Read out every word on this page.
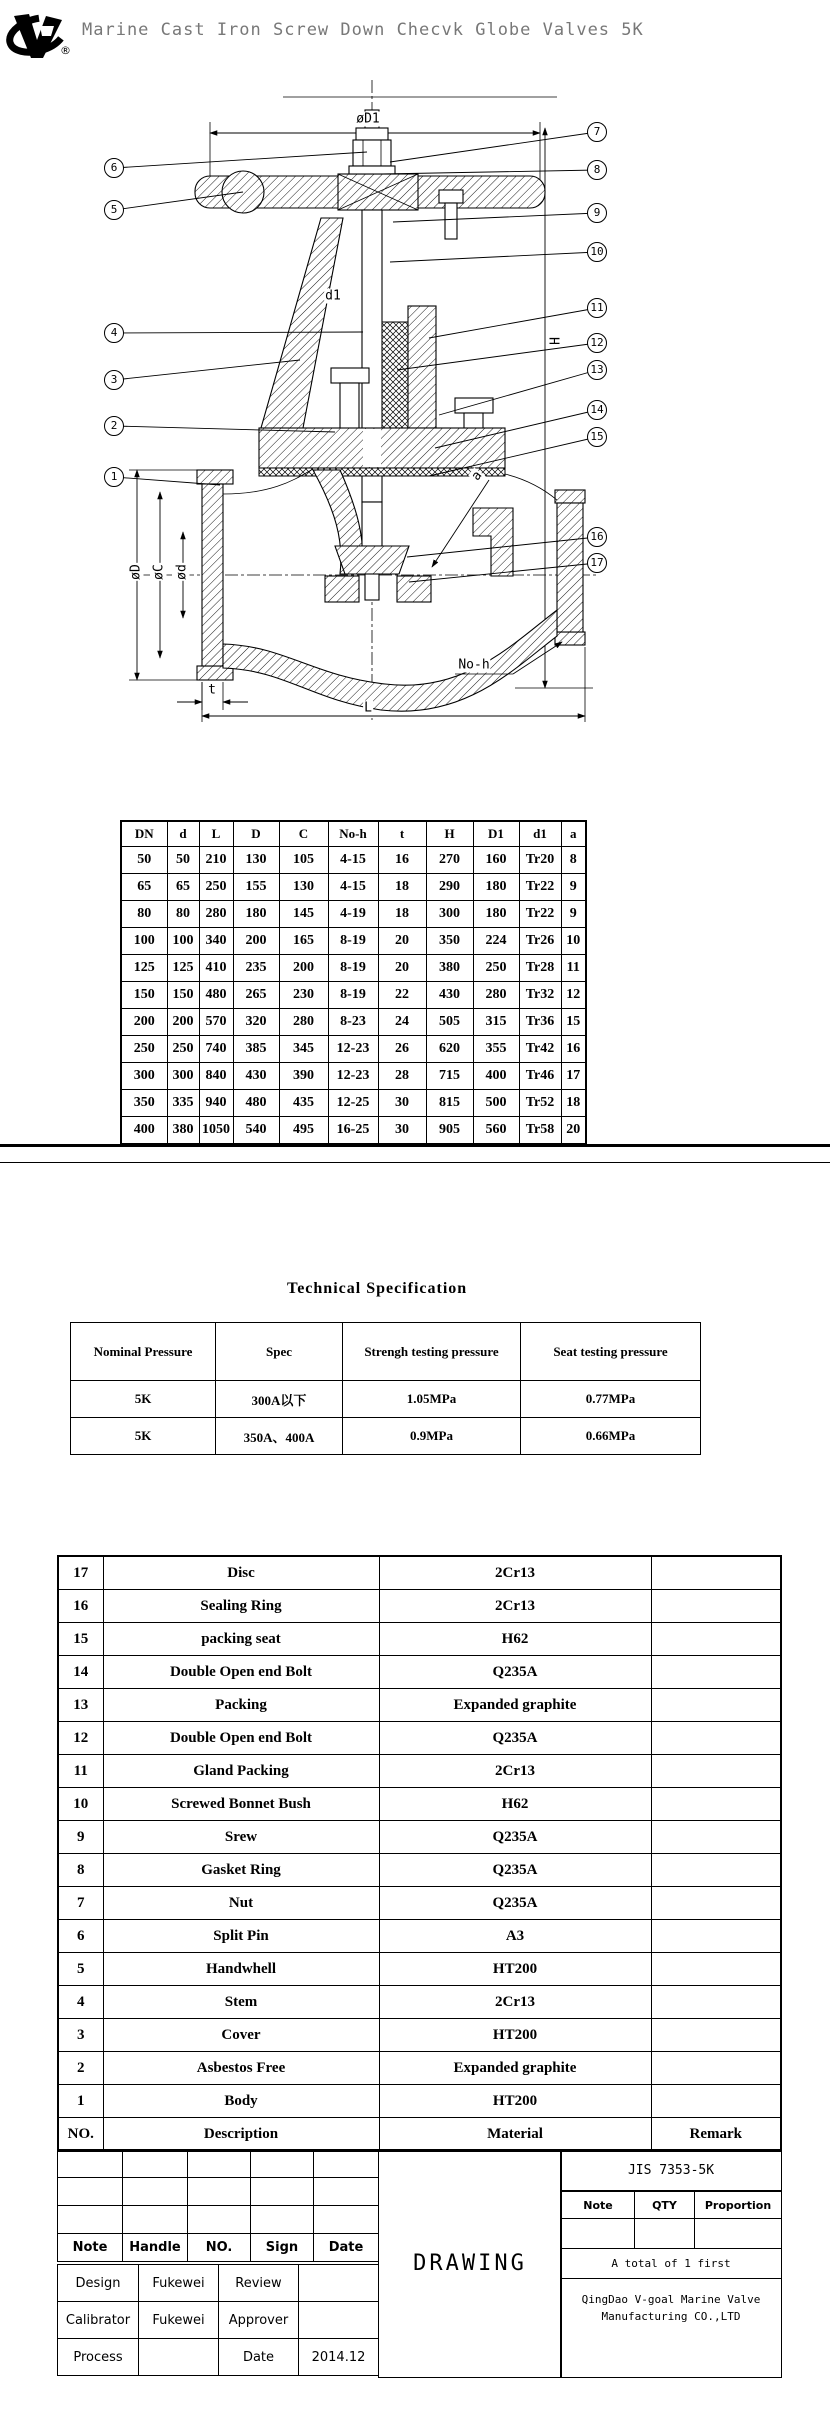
®
Marine Cast Iron Screw Down Checvk Globe Valves 5K
øD1
d1
H
a
øD øC ød
t
No-h
L
1
2
3
4
5
6
7
8
9
10
11
12
13
14
15
16
17
DN	d	L	D	C	No-h	t	H	D1	d1	a
50	50	210	130	105	4-15	16	270	160	Tr20	8
65	65	250	155	130	4-15	18	290	180	Tr22	9
80	80	280	180	145	4-19	18	300	180	Tr22	9
100	100	340	200	165	8-19	20	350	224	Tr26	10
125	125	410	235	200	8-19	20	380	250	Tr28	11
150	150	480	265	230	8-19	22	430	280	Tr32	12
200	200	570	320	280	8-23	24	505	315	Tr36	15
250	250	740	385	345	12-23	26	620	355	Tr42	16
300	300	840	430	390	12-23	28	715	400	Tr46	17
350	335	940	480	435	12-25	30	815	500	Tr52	18
400	380	1050	540	495	16-25	30	905	560	Tr58	20
Technical Specification
Nominal Pressure	Spec	Strengh testing pressure	Seat testing pressure
5K	300A以下	1.05MPa	0.77MPa
5K	350A、400A	0.9MPa	0.66MPa
17	Disc	2Cr13	
16	Sealing Ring	2Cr13	
15	packing seat	H62	
14	Double Open end Bolt	Q235A	
13	Packing	Expanded graphite	
12	Double Open end Bolt	Q235A	
11	Gland Packing	2Cr13	
10	Screwed Bonnet Bush	H62	
9	Srew	Q235A	
8	Gasket Ring	Q235A	
7	Nut	Q235A	
6	Split Pin	A3	
5	Handwhell	HT200	
4	Stem	2Cr13	
3	Cover	HT200	
2	Asbestos Free	Expanded graphite	
1	Body	HT200	
NO.	Description	Material	Remark

Note	Handle	NO.	Sign	Date
Design	Fukewei	Review	
Calibrator	Fukewei	Approver	
Process		Date	2014.12
DRAWING
JIS 7353-5K
Note	QTY	Proportion

A total of 1 first
QingDao V-goal Marine Valve
Manufacturing CO.,LTD
